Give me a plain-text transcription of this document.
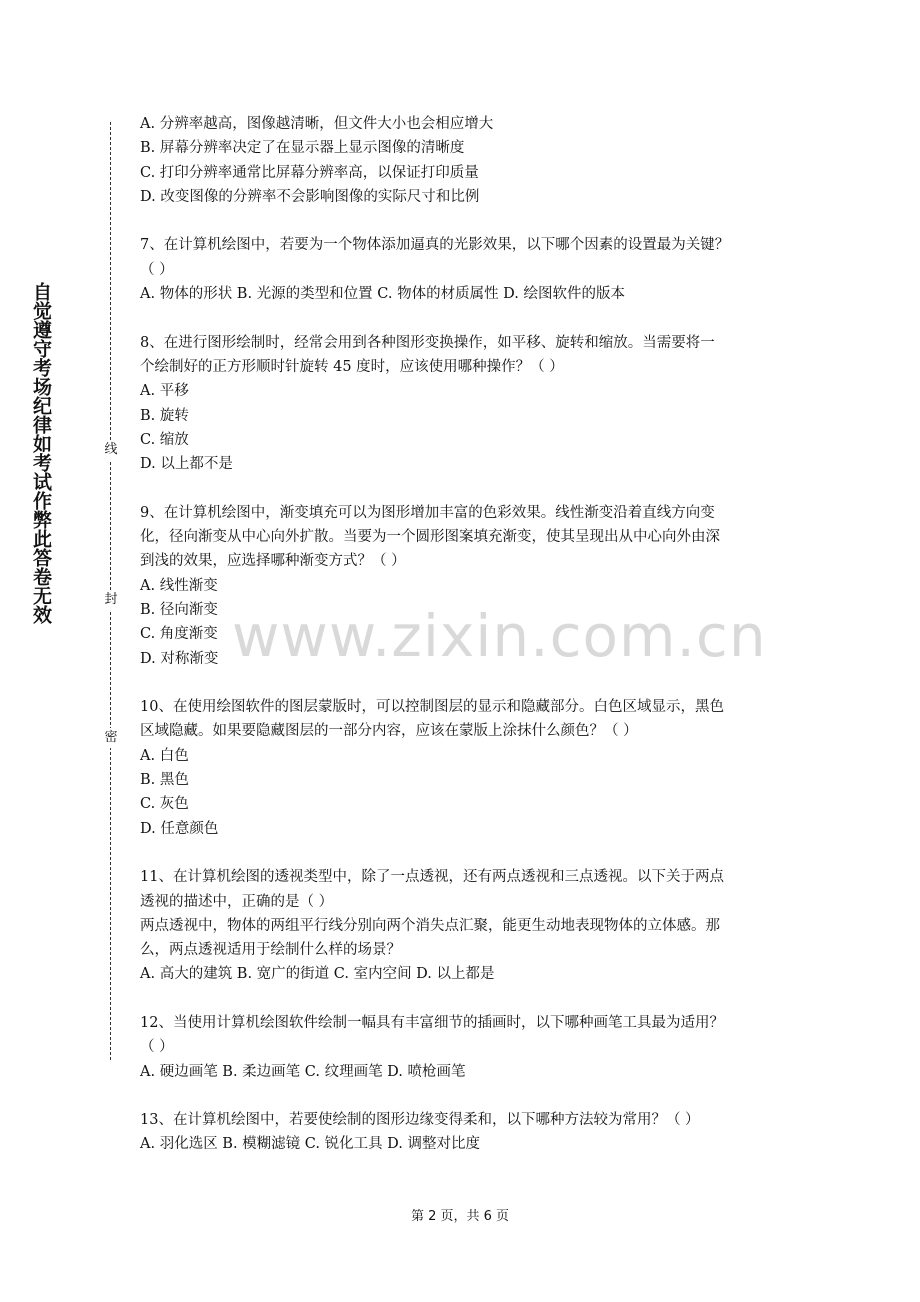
自觉遵守考场纪律如考试作弊此答卷无效	线
封
密
A. 分辨率越高，图像越清晰，但文件大小也会相应增大
B. 屏幕分辨率决定了在显示器上显示图像的清晰度
C. 打印分辨率通常比屏幕分辨率高，以保证打印质量
D. 改变图像的分辨率不会影响图像的实际尺寸和比例
7、在计算机绘图中，若要为一个物体添加逼真的光影效果，以下哪个因素的设置最为关键？
（ ）
A. 物体的形状 B. 光源的类型和位置 C. 物体的材质属性 D. 绘图软件的版本
8、在进行图形绘制时，经常会用到各种图形变换操作，如平移、旋转和缩放。当需要将一
个绘制好的正方形顺时针旋转 45 度时，应该使用哪种操作？（ ）
A. 平移
B. 旋转
C. 缩放
D. 以上都不是
9、在计算机绘图中，渐变填充可以为图形增加丰富的色彩效果。线性渐变沿着直线方向变
化，径向渐变从中心向外扩散。当要为一个圆形图案填充渐变，使其呈现出从中心向外由深
到浅的效果，应选择哪种渐变方式？（ ）
A. 线性渐变
B. 径向渐变
C. 角度渐变
D. 对称渐变
10、在使用绘图软件的图层蒙版时，可以控制图层的显示和隐藏部分。白色区域显示，黑色
区域隐藏。如果要隐藏图层的一部分内容，应该在蒙版上涂抹什么颜色？（ ）
A. 白色
B. 黑色
C. 灰色
D. 任意颜色
11、在计算机绘图的透视类型中，除了一点透视，还有两点透视和三点透视。以下关于两点
透视的描述中，正确的是（ ）
两点透视中，物体的两组平行线分别向两个消失点汇聚，能更生动地表现物体的立体感。那
么，两点透视适用于绘制什么样的场景？
A. 高大的建筑 B. 宽广的街道 C. 室内空间 D. 以上都是
12、当使用计算机绘图软件绘制一幅具有丰富细节的插画时，以下哪种画笔工具最为适用？
（ ）
A. 硬边画笔 B. 柔边画笔 C. 纹理画笔 D. 喷枪画笔
13、在计算机绘图中，若要使绘制的图形边缘变得柔和，以下哪种方法较为常用？（ ）
A. 羽化选区 B. 模糊滤镜 C. 锐化工具 D. 调整对比度
www.zixin.com.cn
第 2 页，共 6 页
